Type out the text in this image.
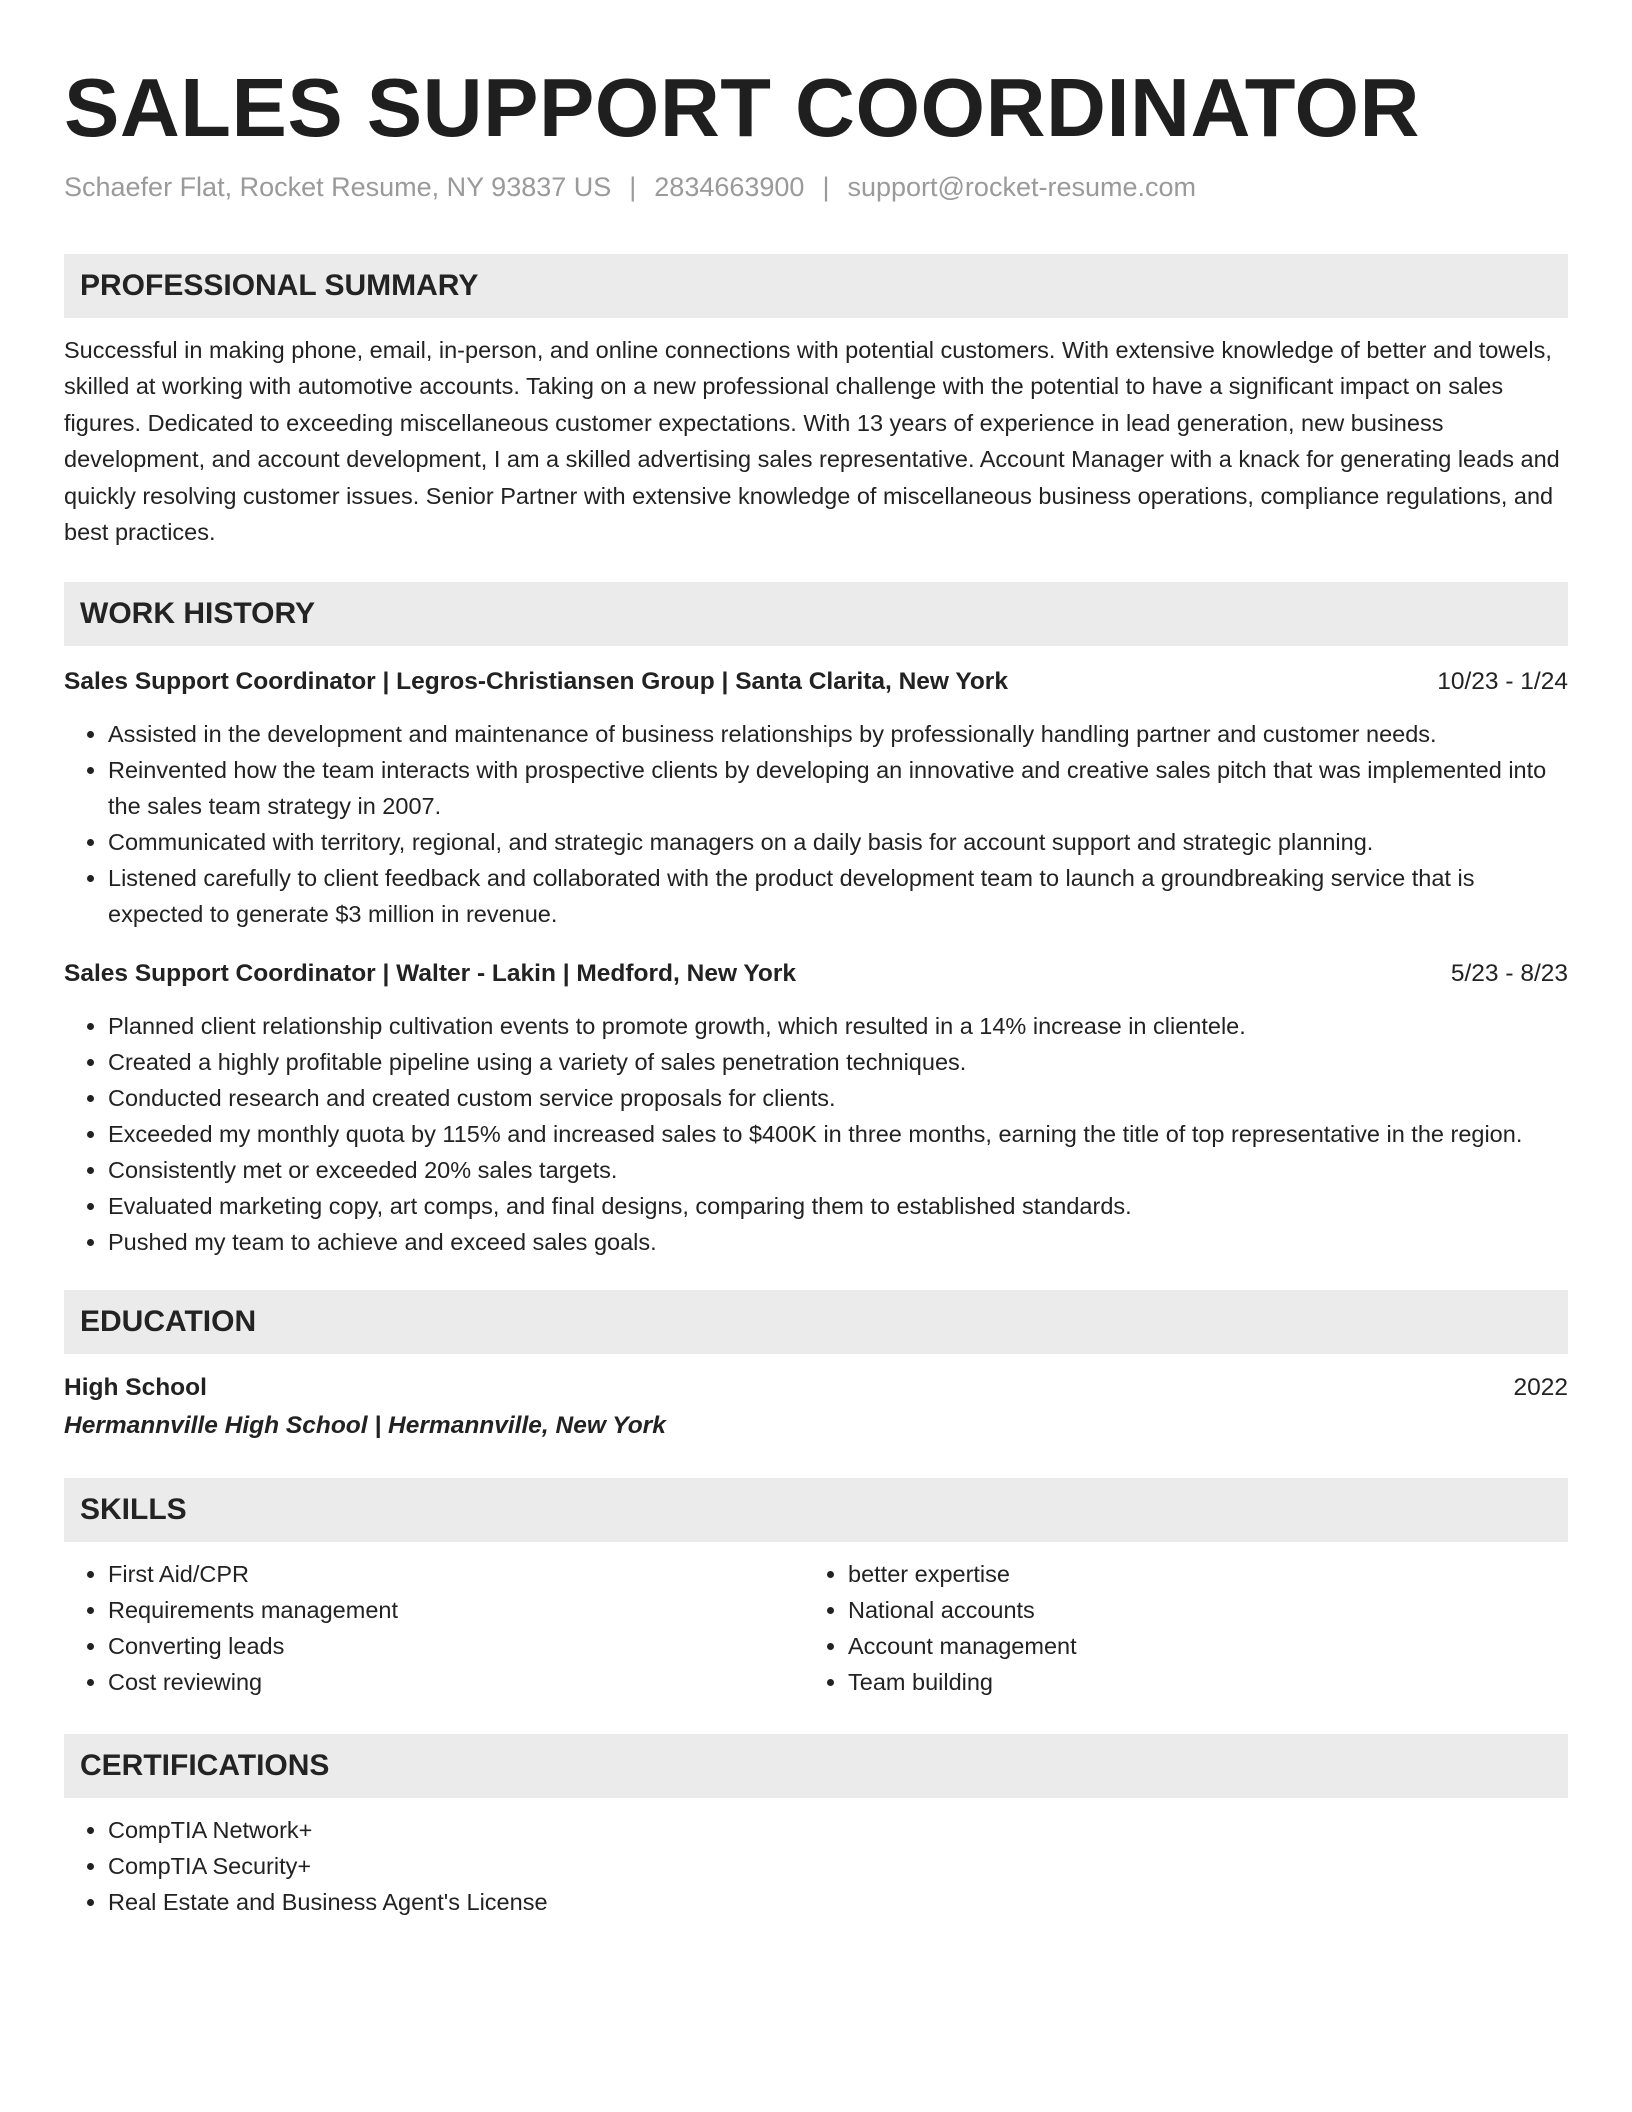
SALES SUPPORT COORDINATOR
Schaefer Flat, Rocket Resume, NY 93837 US | 2834663900 | support@rocket-resume.com
PROFESSIONAL SUMMARY
Successful in making phone, email, in-person, and online connections with potential customers. With extensive knowledge of better and towels, skilled at working with automotive accounts. Taking on a new professional challenge with the potential to have a significant impact on sales figures. Dedicated to exceeding miscellaneous customer expectations. With 13 years of experience in lead generation, new business development, and account development, I am a skilled advertising sales representative. Account Manager with a knack for generating leads and quickly resolving customer issues. Senior Partner with extensive knowledge of miscellaneous business operations, compliance regulations, and best practices.
WORK HISTORY
Sales Support Coordinator | Legros-Christiansen Group | Santa Clarita, New York	10/23 - 1/24
• Assisted in the development and maintenance of business relationships by professionally handling partner and customer needs.
• Reinvented how the team interacts with prospective clients by developing an innovative and creative sales pitch that was implemented into the sales team strategy in 2007.
• Communicated with territory, regional, and strategic managers on a daily basis for account support and strategic planning.
• Listened carefully to client feedback and collaborated with the product development team to launch a groundbreaking service that is expected to generate $3 million in revenue.
Sales Support Coordinator | Walter - Lakin | Medford, New York	5/23 - 8/23
• Planned client relationship cultivation events to promote growth, which resulted in a 14% increase in clientele.
• Created a highly profitable pipeline using a variety of sales penetration techniques.
• Conducted research and created custom service proposals for clients.
• Exceeded my monthly quota by 115% and increased sales to $400K in three months, earning the title of top representative in the region.
• Consistently met or exceeded 20% sales targets.
• Evaluated marketing copy, art comps, and final designs, comparing them to established standards.
• Pushed my team to achieve and exceed sales goals.
EDUCATION
High School	2022
Hermannville High School | Hermannville, New York
SKILLS
• First Aid/CPR
• Requirements management
• Converting leads
• Cost reviewing
• better expertise
• National accounts
• Account management
• Team building
CERTIFICATIONS
• CompTIA Network+
• CompTIA Security+
• Real Estate and Business Agent's License
